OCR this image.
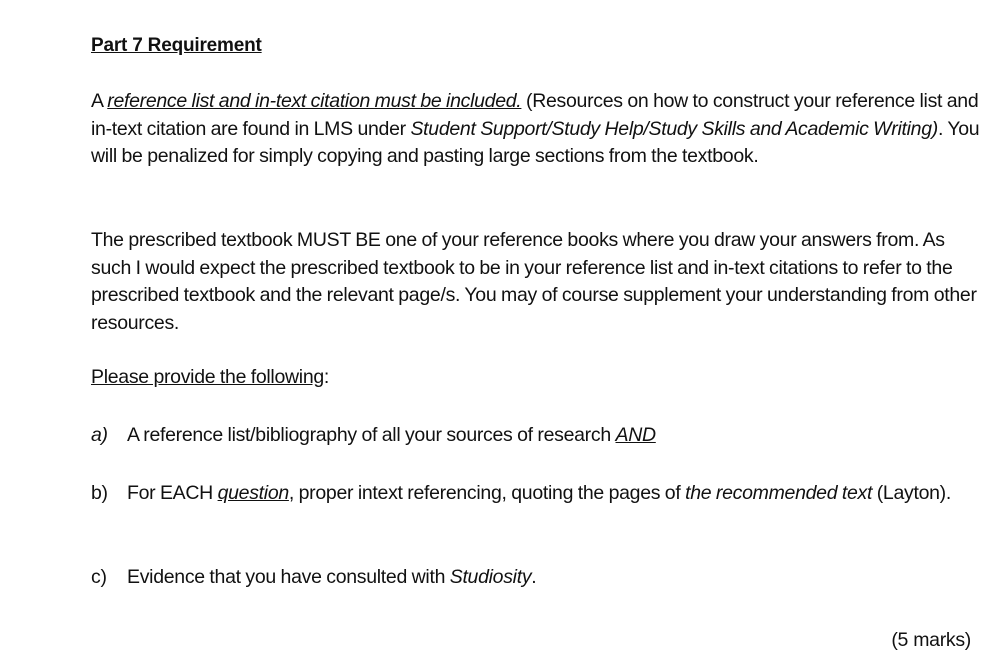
Part 7 Requirement

A reference list and in-text citation must be included. (Resources on how to construct your reference list and in-text citation are found in LMS under Student Support/Study Help/Study Skills and Academic Writing). You will be penalized for simply copying and pasting large sections from the textbook.

The prescribed textbook MUST BE one of your reference books where you draw your answers from. As such I would expect the prescribed textbook to be in your reference list and in-text citations to refer to the prescribed textbook and the relevant page/s. You may of course supplement your understanding from other resources.

Please provide the following:

a) A reference list/bibliography of all your sources of research AND
b) For EACH question, proper intext referencing, quoting the pages of the recommended text (Layton).
c) Evidence that you have consulted with Studiosity.
(5 marks)
